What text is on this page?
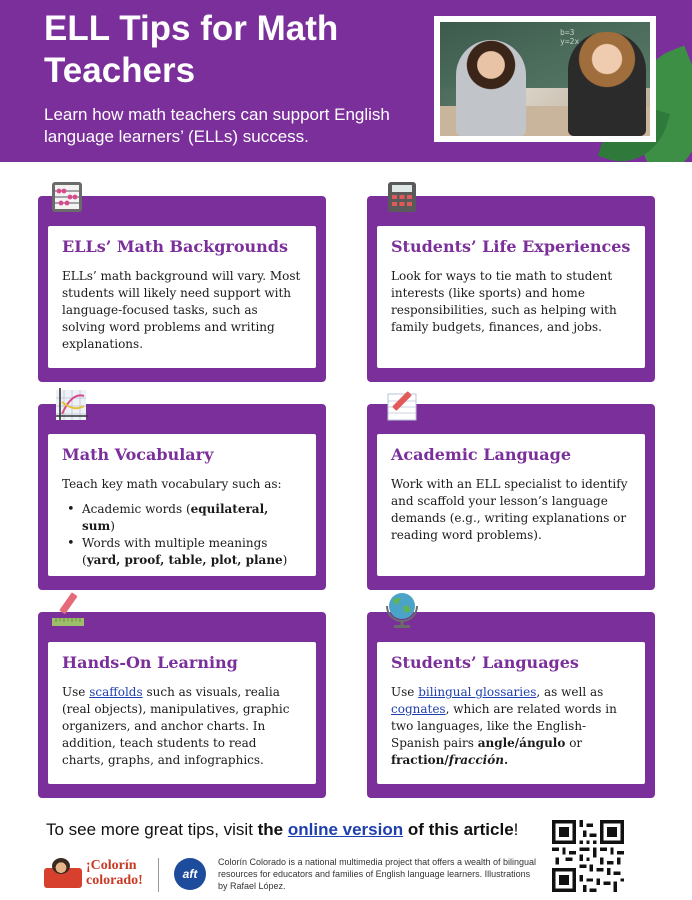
ELL Tips for Math Teachers
Learn how math teachers can support English language learners’ (ELLs) success.
b=3
y=2x
ELLs’ Math Backgrounds
ELLs’ math background will vary. Most students will likely need support with language-focused tasks, such as solving word problems and writing explanations.
Students’ Life Experiences
Look for ways to tie math to student interests (like sports) and home responsibilities, such as helping with family budgets, finances, and jobs.
Math Vocabulary
Teach key math vocabulary such as:
• Academic words (equilateral, sum)
• Words with multiple meanings (yard, proof, table, plot, plane)
Academic Language
Work with an ELL specialist to identify and scaffold your lesson’s language demands (e.g., writing explanations or reading word problems).
Hands-On Learning
Use scaffolds such as visuals, realia (real objects), manipulatives, graphic organizers, and anchor charts. In addition, teach students to read charts, graphs, and infographics.
Students’ Languages
Use bilingual glossaries, as well as cognates, which are related words in two languages, like the English-Spanish pairs angle/ángulo or fraction/fracción.
To see more great tips, visit the online version of this article!
¡Colorín
colorado!	aft
Colorín Colorado is a national multimedia project that offers a wealth of bilingual resources for educators and families of English language learners. Illustrations by Rafael López.
